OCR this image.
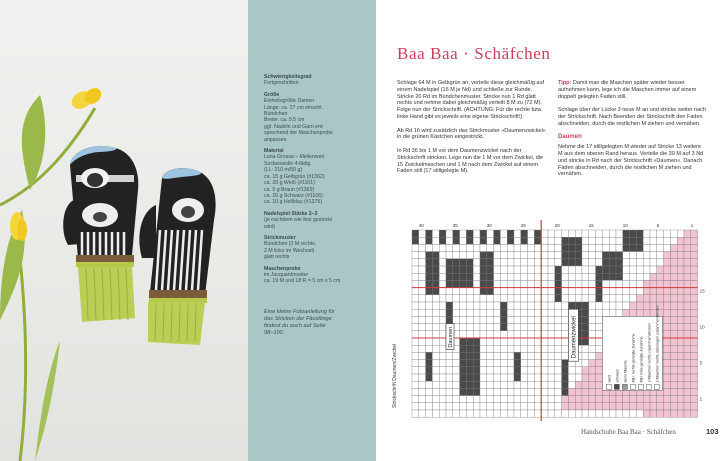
Schwierigkeitsgrad

Fortgeschritten

Größe

Einheitsgröße Damen

Länge: ca. 27 cm einschl.

Bündchen

Breite: ca. 9,5 cm

ggf. Nadeln und Garn ent-

sprechend der Maschenprobe

anpassen

Material

Lana Grossa – Meilenweit

Sockenwolle 4-fädig

(LL: 210 m/50 g)

ca. 15 g Gelbgrün (#1362)

ca. 20 g Weiß (#1101)

ca. 5 g Braun (#1369)

ca. 20 g Schwarz (#1106)

ca. 10 g Hellblau (#1375)

Nadelspiel Stärke 2–3

(je nachdem wie fest gestrickt

wird)

Strickmuster

Bündchen (2 M rechts,

2 M links im Wechsel)

glatt rechts

Maschenprobe

im Jacquardmuster

ca. 19 M und 18 R = 5 cm x 5 cm

Eine kleine Fotoanleitung für

das Stricken der Fäustlinge

findest du auch auf Seite

98–100.

Baa Baa · Schäfchen

Schlage 64 M in Gelbgrün an, verteile diese gleichmäßig auf einem Nadelspiel (16 M je Nd) und schließe zur Runde. Stricke 20 Rd im Bündchenmuster. Stricke nun 1 Rd glatt rechts und nehme dabei gleichmäßig verteilt 8 M zu (72 M). Folge nun der Strickschrift. (ACHTUNG: Für die rechte bzw. linke Hand gibt es jeweils eine eigene Strickschrift!)

Ab Rd 16 wird zusätzlich das Strickmuster »Daumenzwickel« in die grünen Kästchen eingestrickt.

In Rd 36 bis 1 M vor dem Daumenzwickel nach der Strickschrift stricken. Lege nun die 1 M vor dem Zwickel, die 15 Zwickelmaschen und 1 M nach dem Zwickel auf einem Faden still (17 stillgelegte M).

Tipp: Damit man die Maschen später wieder besser aufnehmen kann, lege ich die Maschen immer auf einem doppelt gelegten Faden still.

Schlage über der Lücke 3 neue M an und stricke weiter nach der Strickschrift. Nach Beenden der Strickschrift den Faden abschneiden, durch die restlichen M ziehen und vernähen.

Daumen

Nehme die 17 stillgelegten M wieder auf Stricke 13 weitere M aus dem oberen Rand heraus. Verteile die 30 M auf 3 Nd und stricke in Rd nach der Strickschrift »Daumen«. Danach Fäden abschneiden, durch die restlichen M ziehen und vernähen.

40	35	30	25	20	15	10	5	1
15
10
5
1
Strickschrift Daumen/Zwickel
Daumen	Daumenzwickel
weiß schwarz keine Masche M1r: rechts geneigte Zunahme M1l: links geneigte Zunahme 2 Maschen rechts zusammenstricken 2 Maschen rechts überzogen zusammenstricken
Handschuhe Baa Baa · Schäfchen	103
